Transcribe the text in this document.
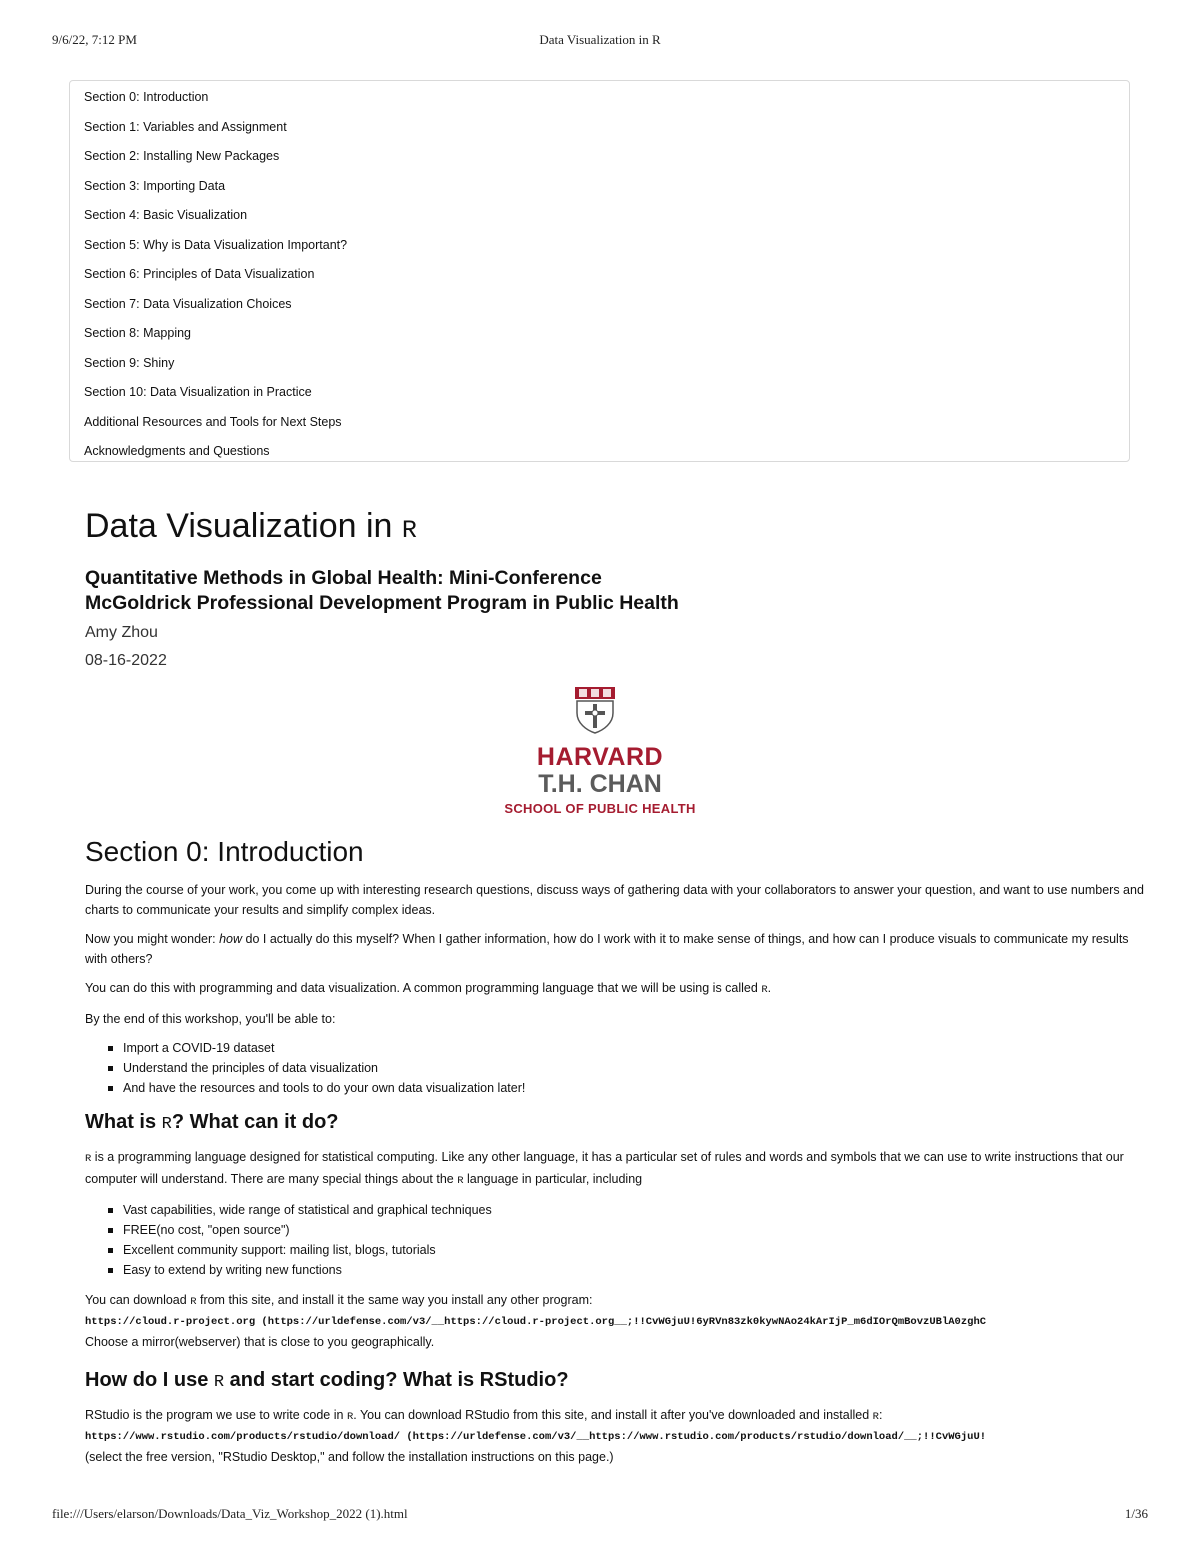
9/6/22, 7:12 PM	Data Visualization in R
Section 0: Introduction
Section 1: Variables and Assignment
Section 2: Installing New Packages
Section 3: Importing Data
Section 4: Basic Visualization
Section 5: Why is Data Visualization Important?
Section 6: Principles of Data Visualization
Section 7: Data Visualization Choices
Section 8: Mapping
Section 9: Shiny
Section 10: Data Visualization in Practice
Additional Resources and Tools for Next Steps
Acknowledgments and Questions
Data Visualization in R
Quantitative Methods in Global Health: Mini-Conference
McGoldrick Professional Development Program in Public Health
Amy Zhou
08-16-2022
HARVARD
T.H. CHAN
SCHOOL OF PUBLIC HEALTH
Section 0: Introduction

During the course of your work, you come up with interesting research questions, discuss ways of gathering data with your collaborators to answer your question, and want to use numbers and charts to communicate your results and simplify complex ideas.

Now you might wonder: how do I actually do this myself? When I gather information, how do I work with it to make sense of things, and how can I produce visuals to communicate my results with others?

You can do this with programming and data visualization. A common programming language that we will be using is called R.

By the end of this workshop, you'll be able to:

Import a COVID-19 dataset
Understand the principles of data visualization
And have the resources and tools to do your own data visualization later!
What is R? What can it do?

R is a programming language designed for statistical computing. Like any other language, it has a particular set of rules and words and symbols that we can use to write instructions that our computer will understand. There are many special things about the R language in particular, including

Vast capabilities, wide range of statistical and graphical techniques
FREE(no cost, "open source")
Excellent community support: mailing list, blogs, tutorials
Easy to extend by writing new functions

You can download R from this site, and install it the same way you install any other program:

https://cloud.r-project.org (https://urldefense.com/v3/__https://cloud.r-project.org__;!!CvWGjuU!6yRVn83zk0kywNAo24kArIjP_m6dIOrQmBovzUBlA0zghC

Choose a mirror(webserver) that is close to you geographically.

How do I use R and start coding? What is RStudio?

RStudio is the program we use to write code in R. You can download RStudio from this site, and install it after you've downloaded and installed R:

https://www.rstudio.com/products/rstudio/download/ (https://urldefense.com/v3/__https://www.rstudio.com/products/rstudio/download/__;!!CvWGjuU!

(select the free version, "RStudio Desktop," and follow the installation instructions on this page.)

file:///Users/elarson/Downloads/Data_Viz_Workshop_2022 (1).html	1/36
